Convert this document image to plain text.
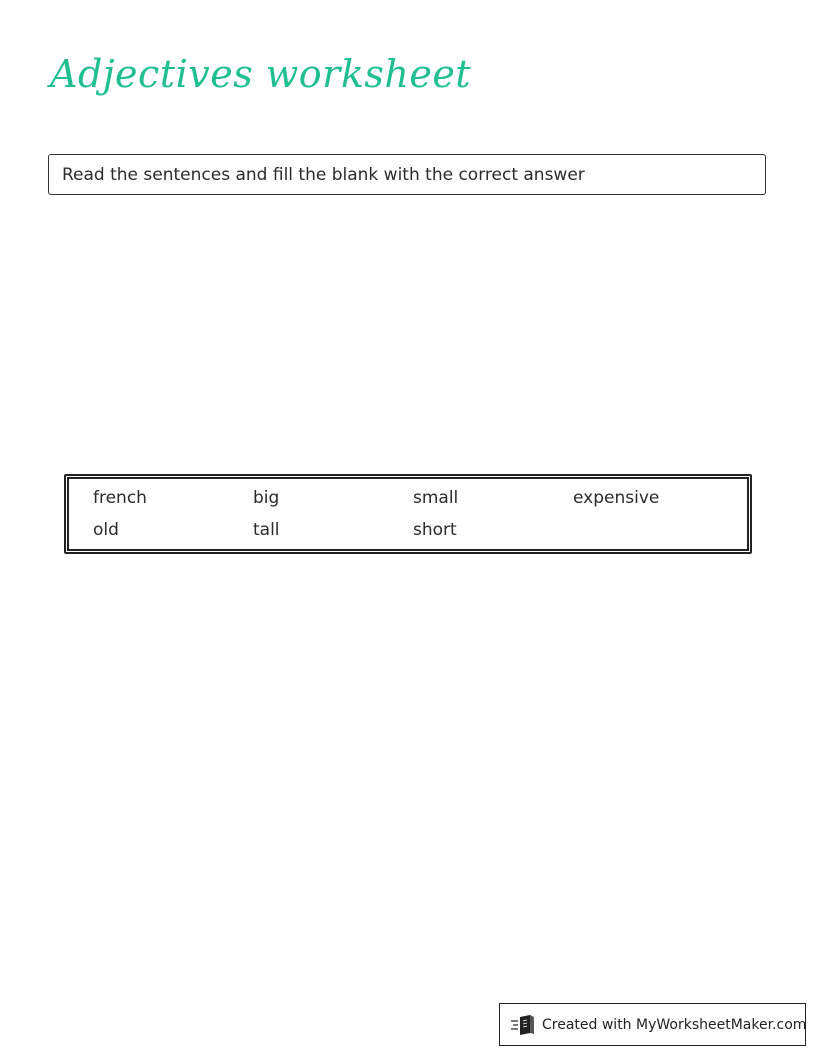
Adjectives worksheet
Read the sentences and fill the blank with the correct answer
french	big	small	expensive
old	tall	short
Created with MyWorksheetMaker.com
